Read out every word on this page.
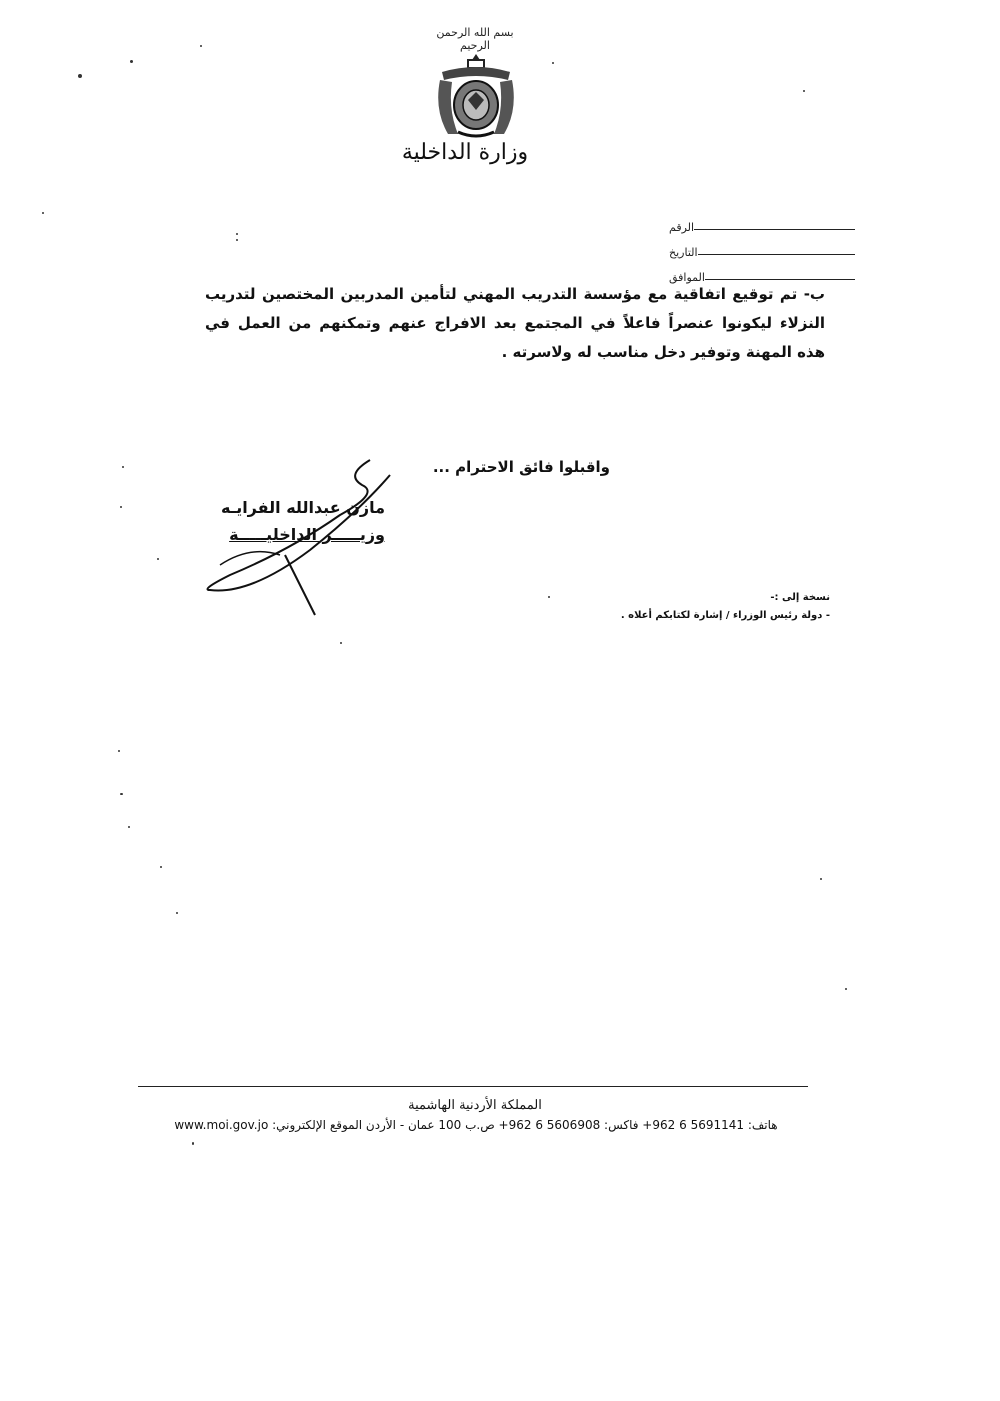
بسم الله الرحمن الرحيم
وزارة الداخلية
الرقم
التاريخ
الموافق
ب- تم توقيع اتفاقية مع مؤسسة التدريب المهني لتأمين المدربين المختصين لتدريب النزلاء ليكونوا عنصراً فاعلاً في المجتمع بعد الافراج عنهم وتمكنهم من العمل في هذه المهنة وتوفير دخل مناسب له ولاسرته .
واقبلوا فائق الاحترام ...
مازن عبدالله الفرايـه
وزيـــــر الداخليـــــة
نسخة إلى :-
- دولة رئيس الوزراء / إشارة لكتابكم أعلاه .
المملكة الأردنية الهاشمية
هاتف: 5691141 6 962+ فاكس: 5606908 6 962+ ص.ب 100 عمان - الأردن الموقع الإلكتروني: www.moi.gov.jo
